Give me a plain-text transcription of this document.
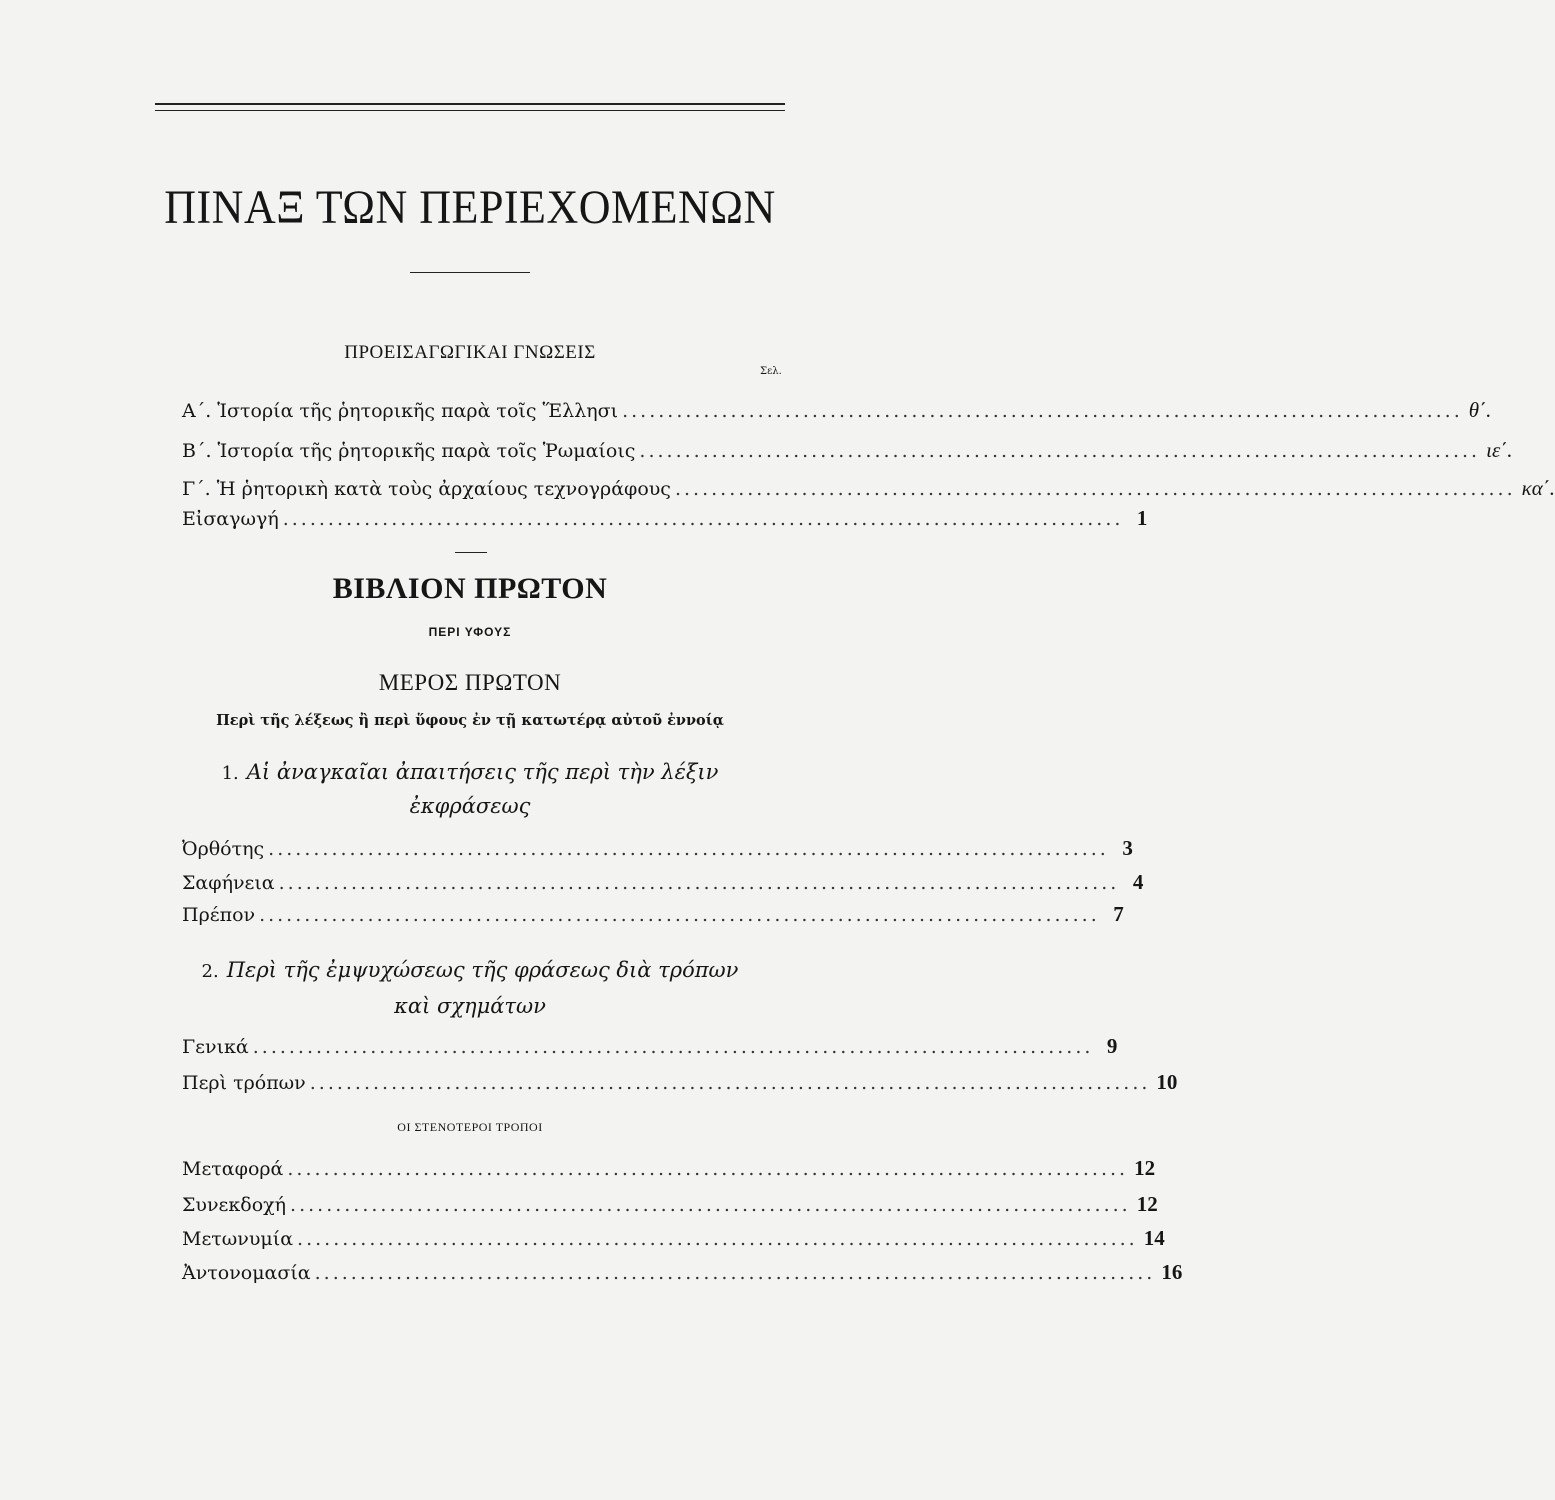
ΠΙΝΑΞ ΤΩΝ ΠΕΡΙΕΧΟΜΕΝΩΝ
ΠΡΟΕΙΣΑΓΩΓΙΚΑΙ ΓΝΩΣΕΙΣ
Σελ.
Α΄. Ἱστορία τῆς ῥητορικῆς παρὰ τοῖς Ἕλλησι ............................................................................................. θ΄.
Β΄. Ἱστορία τῆς ῥητορικῆς παρὰ τοῖς Ῥωμαίοις ............................................................................................. ιε΄.
Γ΄. Ἡ ῥητορικὴ κατὰ τοὺς ἀρχαίους τεχνογράφους ............................................................................................. κα΄.
Εἰσαγωγή ............................................................................................. 1
ΒΙΒΛΙΟΝ ΠΡΩΤΟΝ
ΠΕΡΙ ΥΦΟΥΣ
ΜΕΡΟΣ ΠΡΩΤΟΝ
Περὶ τῆς λέξεως ἢ περὶ ὕφους ἐν τῇ κατωτέρᾳ αὐτοῦ ἐννοίᾳ
1. Αἱ ἀναγκαῖαι ἀπαιτήσεις τῆς περὶ τὴν λέξιν
ἐκφράσεως
Ὀρθότης ............................................................................................. 3
Σαφήνεια ............................................................................................. 4
Πρέπον ............................................................................................. 7
2. Περὶ τῆς ἐμψυχώσεως τῆς φράσεως διὰ τρόπων
καὶ σχημάτων
Γενικά ............................................................................................. 9
Περὶ τρόπων ............................................................................................. 10
ΟΙ ΣΤΕΝΟΤΕΡΟΙ ΤΡΟΠΟΙ
Μεταφορά ............................................................................................. 12
Συνεκδοχή ............................................................................................. 12
Μετωνυμία ............................................................................................. 14
Ἀντονομασία ............................................................................................. 16
